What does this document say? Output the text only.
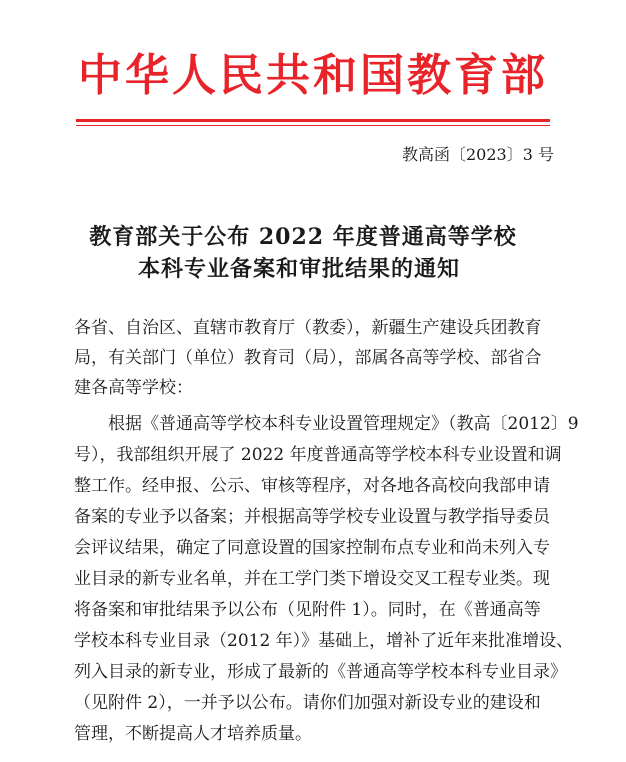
中华人民共和国教育部
教高函〔2023〕3 号
教育部关于公布 2022 年度普通高等学校
本科专业备案和审批结果的通知
各省、自治区、直辖市教育厅（教委），新疆生产建设兵团教育
局，有关部门（单位）教育司（局），部属各高等学校、部省合
建各高等学校：
　　根据《普通高等学校本科专业设置管理规定》（教高〔2012〕9
号），我部组织开展了 2022 年度普通高等学校本科专业设置和调
整工作。经申报、公示、审核等程序，对各地各高校向我部申请
备案的专业予以备案；并根据高等学校专业设置与教学指导委员
会评议结果，确定了同意设置的国家控制布点专业和尚未列入专
业目录的新专业名单，并在工学门类下增设交叉工程专业类。现
将备案和审批结果予以公布（见附件 1）。同时，在《普通高等
学校本科专业目录（2012 年）》基础上，增补了近年来批准增设、
列入目录的新专业，形成了最新的《普通高等学校本科专业目录》
（见附件 2），一并予以公布。请你们加强对新设专业的建设和
管理，不断提高人才培养质量。
